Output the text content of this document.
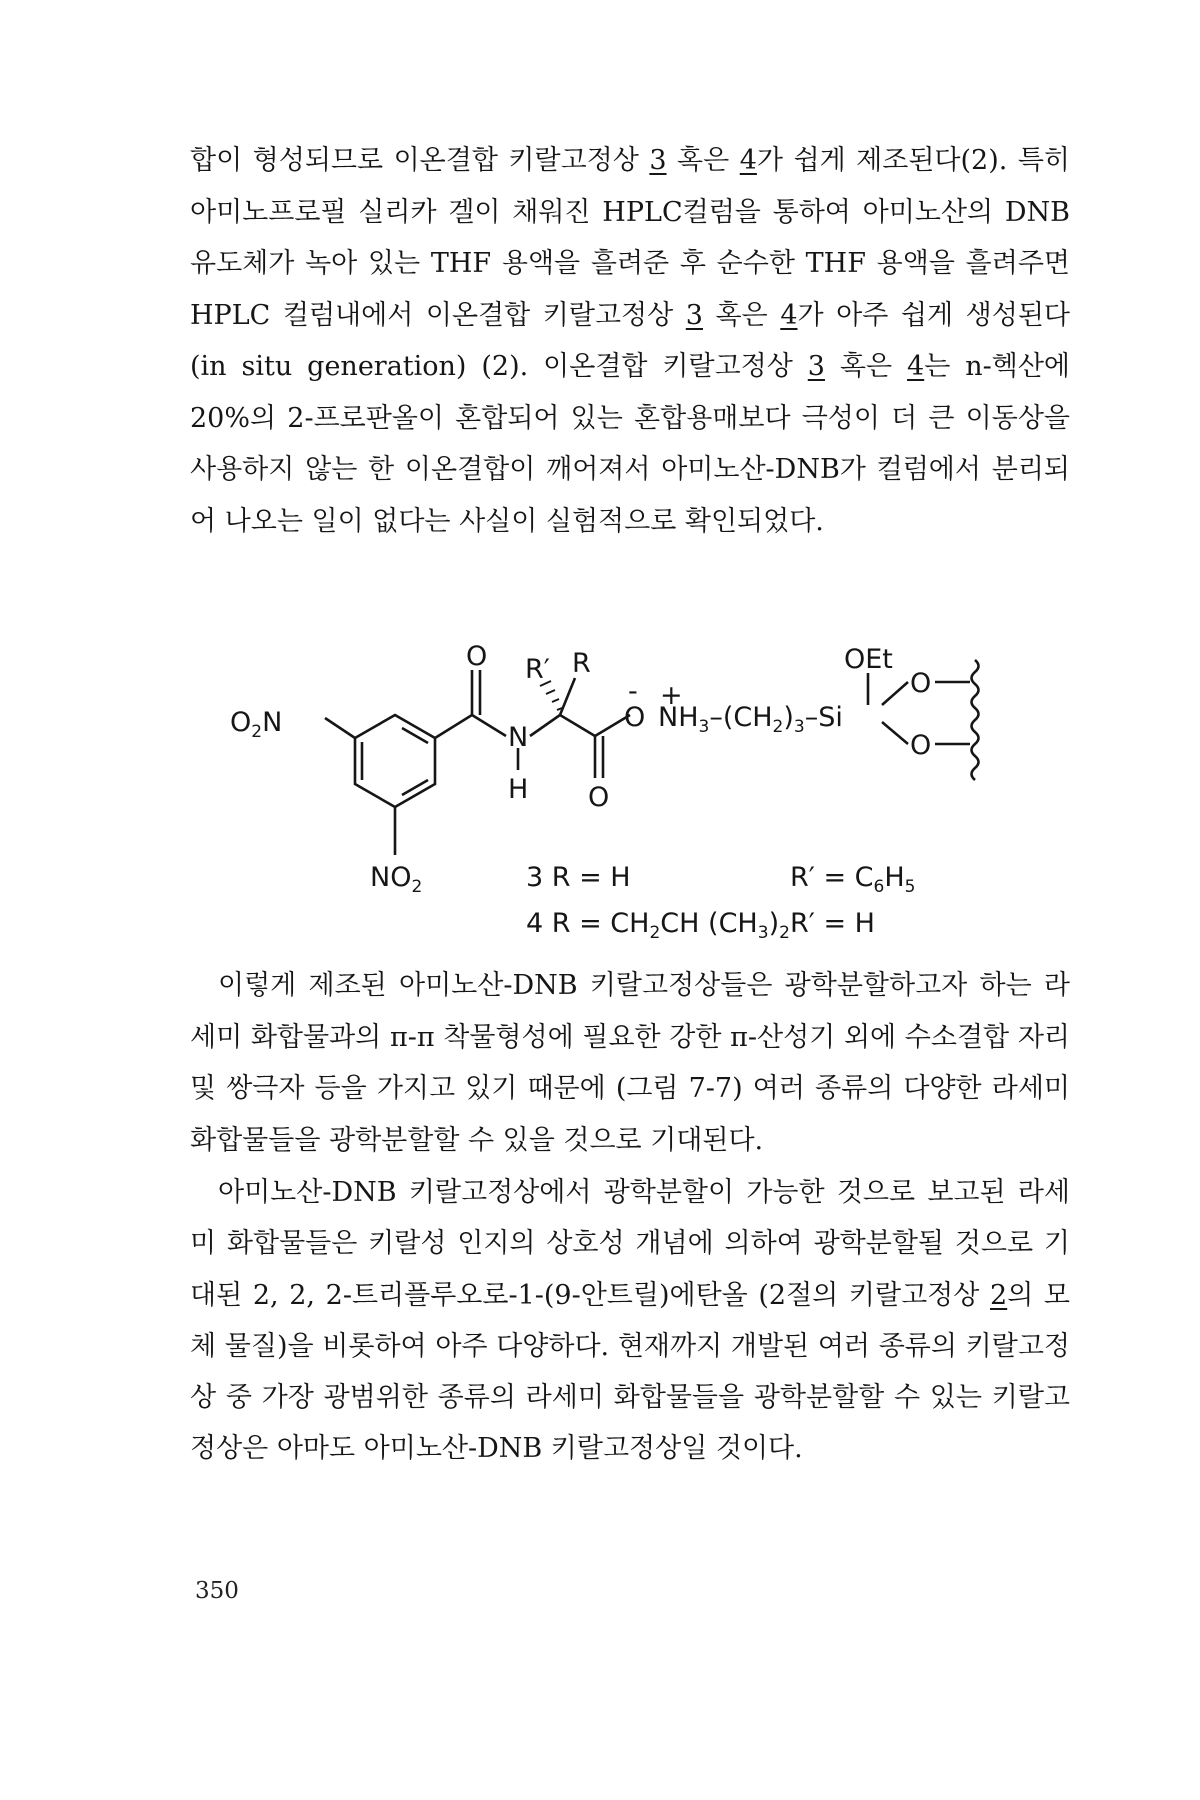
합이 형성되므로 이온결합 키랄고정상 3 혹은 4가 쉽게 제조된다(2). 특히 아미노프로필 실리카 겔이 채워진 HPLC컬럼을 통하여 아미노산의 DNB 유도체가 녹아 있는 THF 용액을 흘려준 후 순수한 THF 용액을 흘려주면 HPLC 컬럼내에서 이온결합 키랄고정상 3 혹은 4가 아주 쉽게 생성된다(in situ generation) (2). 이온결합 키랄고정상 3 혹은 4는 n-헥산에 20%의 2-프로판올이 혼합되어 있는 혼합용매보다 극성이 더 큰 이동상을 사용하지 않는 한 이온결합이 깨어져서 아미노산-DNB가 컬럼에서 분리되어 나오는 일이 없다는 사실이 실험적으로 확인되었다.

$O_2N$
O
N
H
R′ R
-
O
O
+
$NH_3-(CH_2)_3-Si$
OEt
O
O
$NO_2$	3 R = H	$R' = C_6H_5$
4 $R = CH_2CH$ $(CH_3)_2$ R′ = H

이렇게 제조된 아미노산-DNB 키랄고정상들은 광학분할하고자 하는 라세미 화합물과의 π-π 착물형성에 필요한 강한 π-산성기 외에 수소결합 자리 및 쌍극자 등을 가지고 있기 때문에 (그림 7-7) 여러 종류의 다양한 라세미 화합물들을 광학분할할 수 있을 것으로 기대된다.

아미노산-DNB 키랄고정상에서 광학분할이 가능한 것으로 보고된 라세미 화합물들은 키랄성 인지의 상호성 개념에 의하여 광학분할될 것으로 기대된 2, 2, 2-트리플루오로-1-(9-안트릴)에탄올 (2절의 키랄고정상 2의 모체 물질)을 비롯하여 아주 다양하다. 현재까지 개발된 여러 종류의 키랄고정상 중 가장 광범위한 종류의 라세미 화합물들을 광학분할할 수 있는 키랄고정상은 아마도 아미노산-DNB 키랄고정상일 것이다.

350
